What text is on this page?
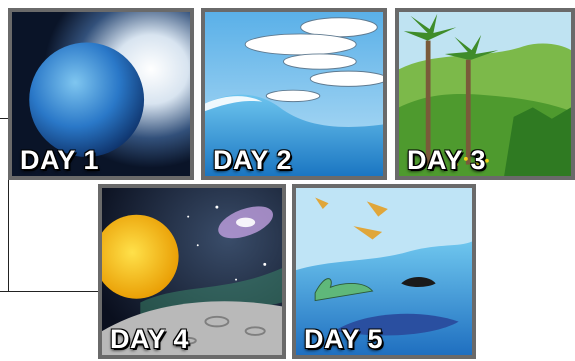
DAY 1	DAY 2	DAY 3
DAY 4	DAY 5
